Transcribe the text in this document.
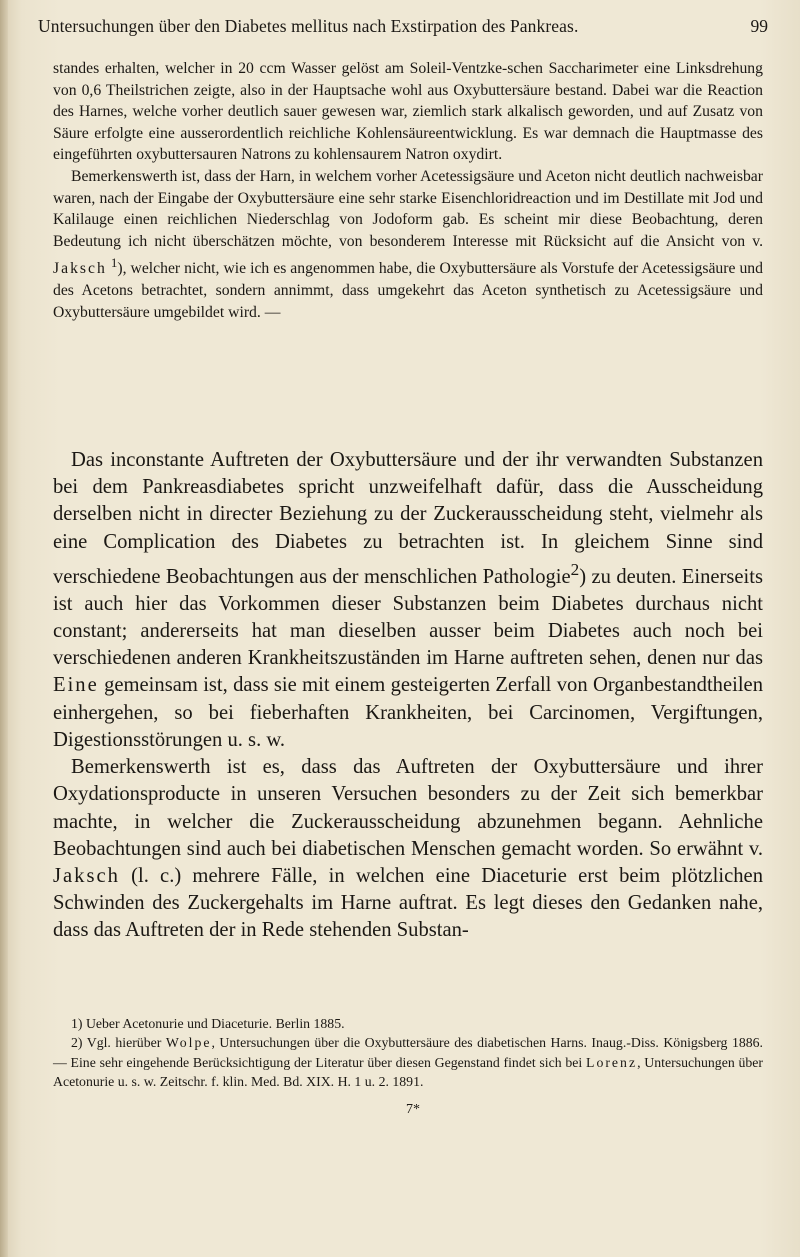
Untersuchungen über den Diabetes mellitus nach Exstirpation des Pankreas.	99

standes erhalten, welcher in 20 ccm Wasser gelöst am Soleil-Ventzke-schen Saccharimeter eine Linksdrehung von 0,6 Theilstrichen zeigte, also in der Hauptsache wohl aus Oxybuttersäure bestand. Dabei war die Reaction des Harnes, welche vorher deutlich sauer gewesen war, ziemlich stark alkalisch geworden, und auf Zusatz von Säure erfolgte eine ausserordentlich reichliche Kohlensäureentwicklung. Es war demnach die Hauptmasse des eingeführten oxybuttersauren Natrons zu kohlensaurem Natron oxydirt.

Bemerkenswerth ist, dass der Harn, in welchem vorher Acetessigsäure und Aceton nicht deutlich nachweisbar waren, nach der Eingabe der Oxybuttersäure eine sehr starke Eisenchloridreaction und im Destillate mit Jod und Kalilauge einen reichlichen Niederschlag von Jodoform gab. Es scheint mir diese Beobachtung, deren Bedeutung ich nicht überschätzen möchte, von besonderem Interesse mit Rücksicht auf die Ansicht von v. Jaksch $^1$), welcher nicht, wie ich es angenommen habe, die Oxybuttersäure als Vorstufe der Acetessigsäure und des Acetons betrachtet, sondern annimmt, dass umgekehrt das Aceton synthetisch zu Acetessigsäure und Oxybuttersäure umgebildet wird. —

Das inconstante Auftreten der Oxybuttersäure und der ihr verwandten Substanzen bei dem Pankreasdiabetes spricht unzweifelhaft dafür, dass die Ausscheidung derselben nicht in directer Beziehung zu der Zuckerausscheidung steht, vielmehr als eine Complication des Diabetes zu betrachten ist. In gleichem Sinne sind verschiedene Beobachtungen aus der menschlichen Pathologie$^2$) zu deuten. Einerseits ist auch hier das Vorkommen dieser Substanzen beim Diabetes durchaus nicht constant; andererseits hat man dieselben ausser beim Diabetes auch noch bei verschiedenen anderen Krankheitszuständen im Harne auftreten sehen, denen nur das Eine gemeinsam ist, dass sie mit einem gesteigerten Zerfall von Organbestandtheilen einhergehen, so bei fieberhaften Krankheiten, bei Carcinomen, Vergiftungen, Digestionsstörungen u. s. w.

Bemerkenswerth ist es, dass das Auftreten der Oxybuttersäure und ihrer Oxydationsproducte in unseren Versuchen besonders zu der Zeit sich bemerkbar machte, in welcher die Zuckerausscheidung abzunehmen begann. Aehnliche Beobachtungen sind auch bei diabetischen Menschen gemacht worden. So erwähnt v. Jaksch (l. c.) mehrere Fälle, in welchen eine Diaceturie erst beim plötzlichen Schwinden des Zuckergehalts im Harne auftrat. Es legt dieses den Gedanken nahe, dass das Auftreten der in Rede stehenden Substan-

1) Ueber Acetonurie und Diaceturie. Berlin 1885.

2) Vgl. hierüber Wolpe, Untersuchungen über die Oxybuttersäure des diabetischen Harns. Inaug.-Diss. Königsberg 1886. — Eine sehr eingehende Berücksichtigung der Literatur über diesen Gegenstand findet sich bei Lorenz, Untersuchungen über Acetonurie u. s. w. Zeitschr. f. klin. Med. Bd. XIX. H. 1 u. 2. 1891.

7*
